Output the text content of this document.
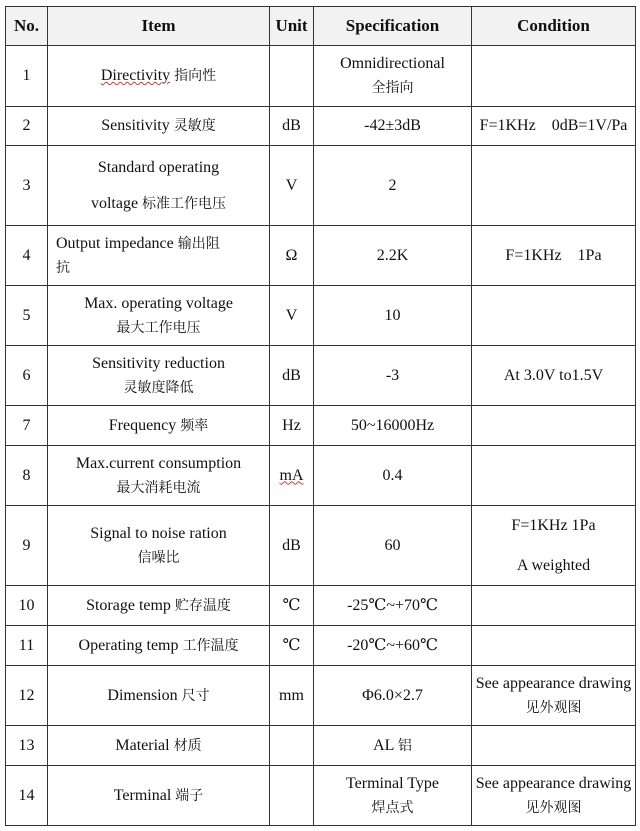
No.	Item	Unit	Specification	Condition
1	Directivity 指向性		Omnidirectional
全指向	

2	Sensitivity 灵敏度	dB	-42±3dB	F=1KHz    0dB=1V/Pa
3	Standard operating
voltage 标准工作电压	V	2	
4	Output impedance 输出阻
抗	Ω	2.2K	F=1KHz    1Pa
5	Max. operating voltage
最大工作电压	V	10	
6	Sensitivity reduction
灵敏度降低	dB	-3	At 3.0V to1.5V
7	Frequency 频率	Hz	50~16000Hz	
8	Max.current consumption
最大消耗电流	mA	0.4	
9	Signal to noise ration
信噪比	dB	60	F=1KHz 1Pa
A weighted

10	Storage temp 贮存温度	℃	-25℃~+70℃	
11	Operating temp 工作温度	℃	-20℃~+60℃	
12	Dimension 尺寸	mm	Φ6.0×2.7	See appearance drawing
见外观图

13	Material 材质		AL 铝	
14	Terminal 端子		Terminal Type
焊点式	See appearance drawing
见外观图
